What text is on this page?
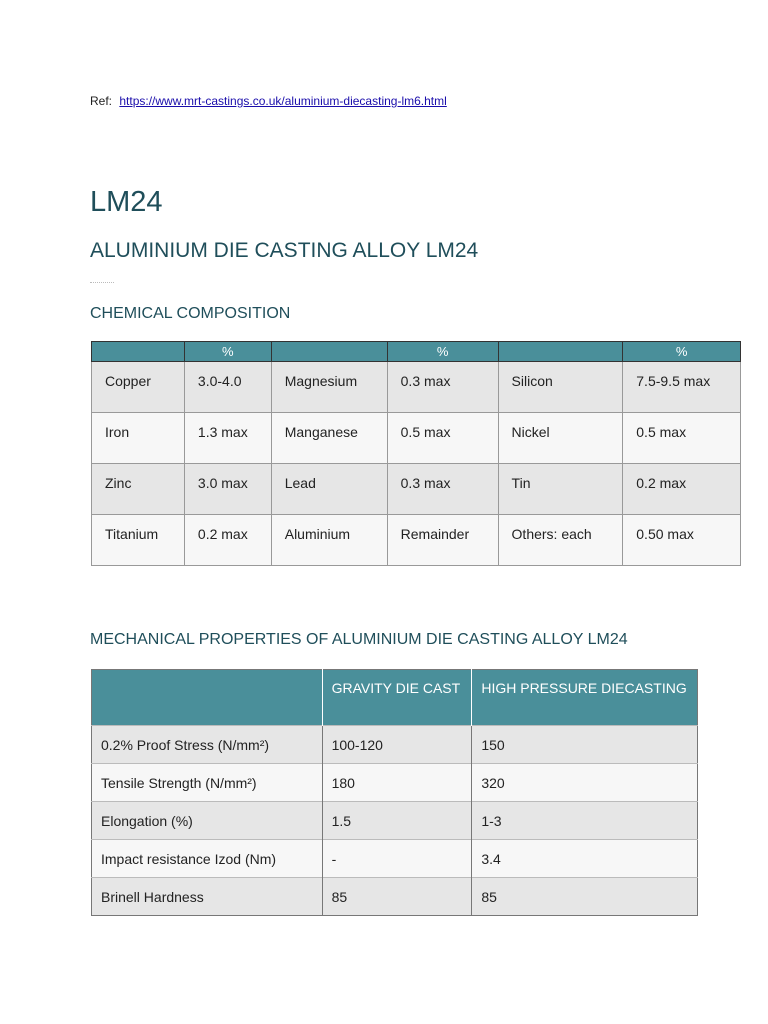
Ref: https://www.mrt-castings.co.uk/aluminium-diecasting-lm6.html
LM24
ALUMINIUM DIE CASTING ALLOY LM24
CHEMICAL COMPOSITION
	%		%		%
Copper	3.0-4.0	Magnesium	0.3 max	Silicon	7.5-9.5 max
Iron	1.3 max	Manganese	0.5 max	Nickel	0.5 max
Zinc	3.0 max	Lead	0.3 max	Tin	0.2 max
Titanium	0.2 max	Aluminium	Remainder	Others: each	0.50 max
MECHANICAL PROPERTIES OF ALUMINIUM DIE CASTING ALLOY LM24
	GRAVITY DIE CAST	HIGH PRESSURE DIECASTING
0.2% Proof Stress (N/mm²)	100-120	150
Tensile Strength (N/mm²)	180	320
Elongation (%)	1.5	1-3
Impact resistance Izod (Nm)	-	3.4
Brinell Hardness	85	85
